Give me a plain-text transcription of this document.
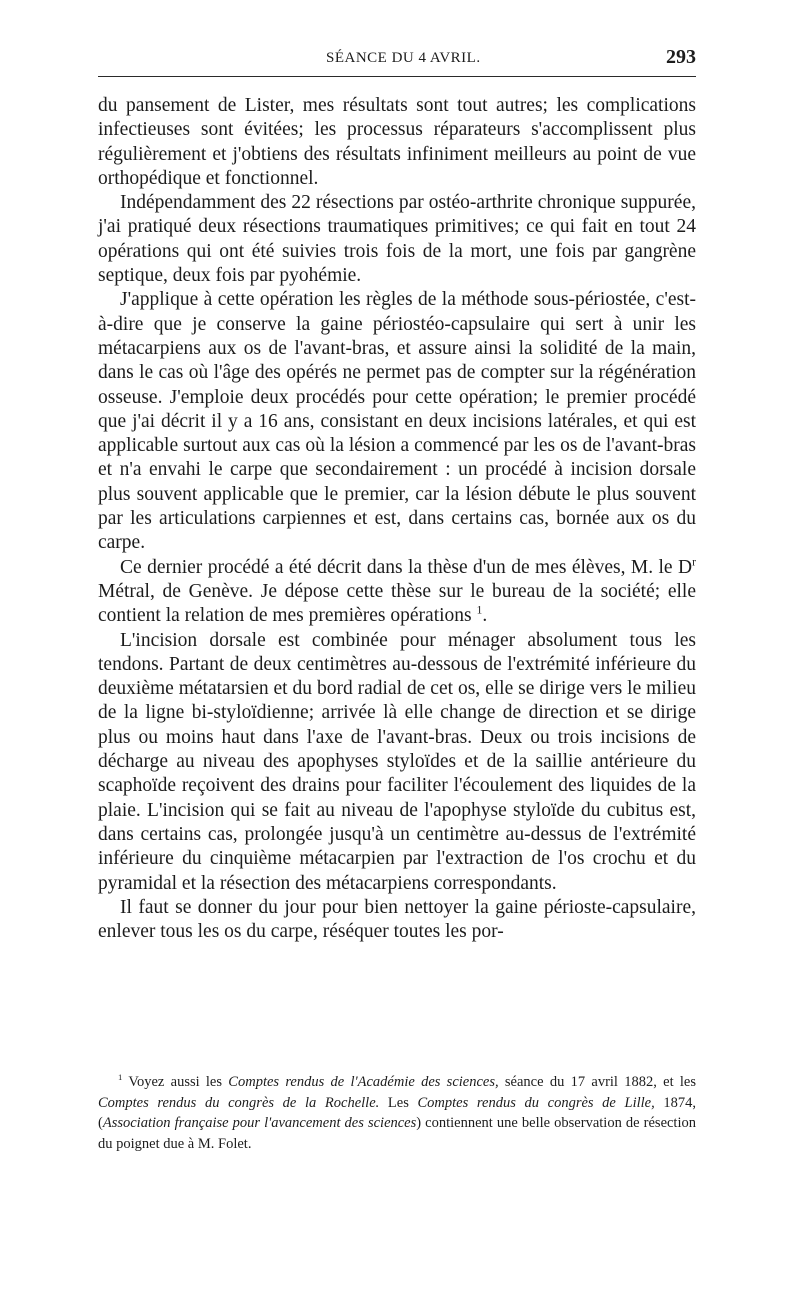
SÉANCE DU 4 AVRIL.	293

du pansement de Lister, mes résultats sont tout autres; les complications infectieuses sont évitées; les processus réparateurs s'accomplissent plus régulièrement et j'obtiens des résultats infiniment meilleurs au point de vue orthopédique et fonctionnel.

Indépendamment des 22 résections par ostéo-arthrite chronique suppurée, j'ai pratiqué deux résections traumatiques primitives; ce qui fait en tout 24 opérations qui ont été suivies trois fois de la mort, une fois par gangrène septique, deux fois par pyohémie.

J'applique à cette opération les règles de la méthode sous-périostée, c'est-à-dire que je conserve la gaine périostéo-capsulaire qui sert à unir les métacarpiens aux os de l'avant-bras, et assure ainsi la solidité de la main, dans le cas où l'âge des opérés ne permet pas de compter sur la régénération osseuse. J'emploie deux procédés pour cette opération; le premier procédé que j'ai décrit il y a 16 ans, consistant en deux incisions latérales, et qui est applicable surtout aux cas où la lésion a commencé par les os de l'avant-bras et n'a envahi le carpe que secondairement : un procédé à incision dorsale plus souvent applicable que le premier, car la lésion débute le plus souvent par les articulations carpiennes et est, dans certains cas, bornée aux os du carpe.

Ce dernier procédé a été décrit dans la thèse d'un de mes élèves, M. le $D^r$ Métral, de Genève. Je dépose cette thèse sur le bureau de la société; elle contient la relation de mes premières opérations $^1$.

L'incision dorsale est combinée pour ménager absolument tous les tendons. Partant de deux centimètres au-dessous de l'extrémité inférieure du deuxième métatarsien et du bord radial de cet os, elle se dirige vers le milieu de la ligne bi-styloïdienne; arrivée là elle change de direction et se dirige plus ou moins haut dans l'axe de l'avant-bras. Deux ou trois incisions de décharge au niveau des apophyses styloïdes et de la saillie antérieure du scaphoïde reçoivent des drains pour faciliter l'écoulement des liquides de la plaie. L'incision qui se fait au niveau de l'apophyse styloïde du cubitus est, dans certains cas, prolongée jusqu'à un centimètre au-dessus de l'extrémité inférieure du cinquième métacarpien par l'extraction de l'os crochu et du pyramidal et la résection des métacarpiens correspondants.

Il faut se donner du jour pour bien nettoyer la gaine périoste-capsulaire, enlever tous les os du carpe, réséquer toutes les por-

$^1$ Voyez aussi les Comptes rendus de l'Académie des sciences, séance du 17 avril 1882, et les Comptes rendus du congrès de la Rochelle. Les Comptes rendus du congrès de Lille, 1874, (Association française pour l'avancement des sciences) contiennent une belle observation de résection du poignet due à M. Folet.
